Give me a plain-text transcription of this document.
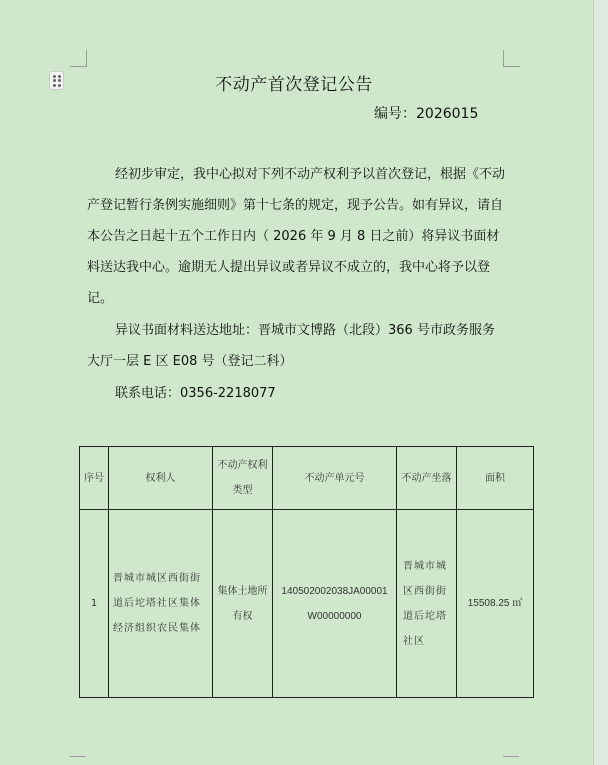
不动产首次登记公告
编号：2026015
经初步审定，我中心拟对下列不动产权利予以首次登记，根据《不动产登记暂行条例实施细则》第十七条的规定，现予公告。如有异议，请自本公告之日起十五个工作日内（ 2026 年 9 月 8 日之前）将异议书面材料送达我中心。逾期无人提出异议或者异议不成立的，我中心将予以登记。
异议书面材料送达地址：晋城市文博路（北段）366 号市政务服务大厅一层 E 区 E08 号（登记二科）
联系电话：0356-2218077
序号	权利人	不动产权利类型	不动产单元号	不动产坐落	面积
1	晋城市城区西街街道后坨塔社区集体经济组织农民集体	集体土地所有权	140502002038JA00001W00000000	晋城市城区西街街道后坨塔社区	15508.25 ㎡
